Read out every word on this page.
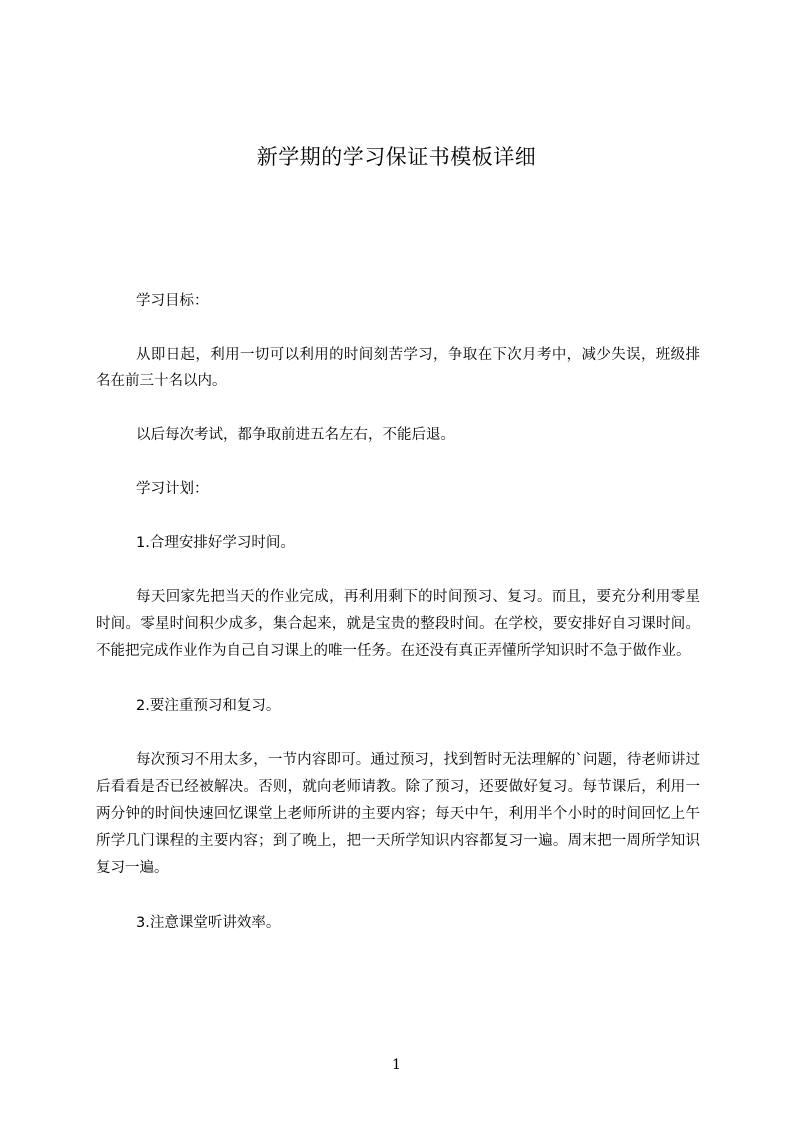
新学期的学习保证书模板详细

学习目标：

从即日起，利用一切可以利用的时间刻苦学习，争取在下次月考中，减少失误，班级排名在前三十名以内。

以后每次考试，都争取前进五名左右，不能后退。

学习计划：

1.合理安排好学习时间。

每天回家先把当天的作业完成，再利用剩下的时间预习、复习。而且，要充分利用零星时间。零星时间积少成多，集合起来，就是宝贵的整段时间。在学校，要安排好自习课时间。不能把完成作业作为自己自习课上的唯一任务。在还没有真正弄懂所学知识时不急于做作业。

2.要注重预习和复习。

每次预习不用太多，一节内容即可。通过预习，找到暂时无法理解的`问题，待老师讲过后看看是否已经被解决。否则，就向老师请教。除了预习，还要做好复习。每节课后，利用一两分钟的时间快速回忆课堂上老师所讲的主要内容；每天中午，利用半个小时的时间回忆上午所学几门课程的主要内容；到了晚上，把一天所学知识内容都复习一遍。周末把一周所学知识复习一遍。

3.注意课堂听讲效率。

1
